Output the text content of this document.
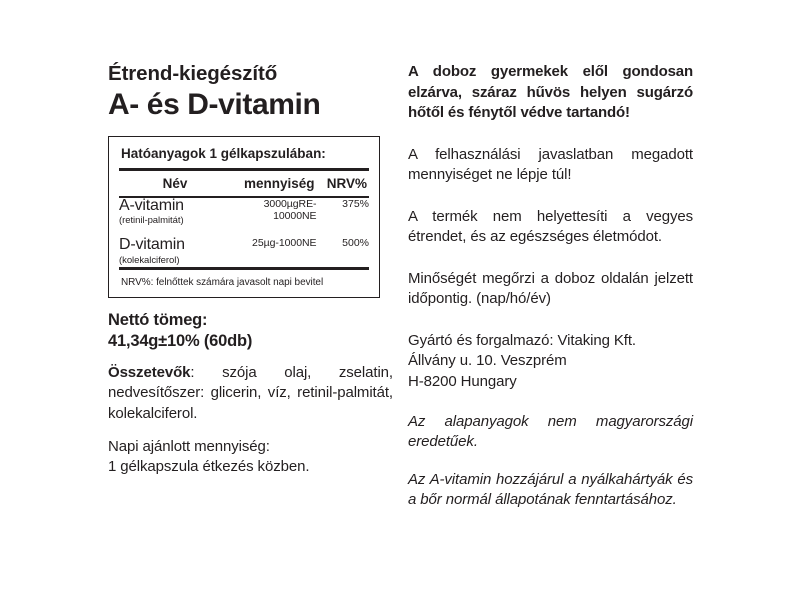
Étrend-kiegészítő
A- és D-vitamin
Hatóanyagok 1 gélkapszulában:
Név	mennyiség	NRV%
A-vitamin
(retinil-palmitát)	3000µgRE-10000NE	375%

D-vitamin
(kolekalciferol)	25µg-1000NE	500%
NRV%: felnőttek számára javasolt napi bevitel
Nettó tömeg:
41,34g±10% (60db)
Összetevők: szója olaj, zselatin, nedvesítőszer: glicerin, víz, retinil-palmitát, kolekalciferol.
Napi ajánlott mennyiség:
1 gélkapszula étkezés közben.

A doboz gyermekek elől gondosan elzárva, száraz hűvös helyen sugárzó hőtől és fénytől védve tartandó!

A felhasználási javaslatban megadott mennyiséget ne lépje túl!

A termék nem helyettesíti a vegyes étrendet, és az egészséges életmódot.

Minőségét megőrzi a doboz oldalán jelzett időpontig. (nap/hó/év)

Gyártó és forgalmazó: Vitaking Kft.
Állvány u. 10. Veszprém
H-8200 Hungary

Az alapanyagok nem magyarországi eredetűek.

Az A-vitamin hozzájárul a nyálkahártyák és a bőr normál állapotának fenntartásához.
